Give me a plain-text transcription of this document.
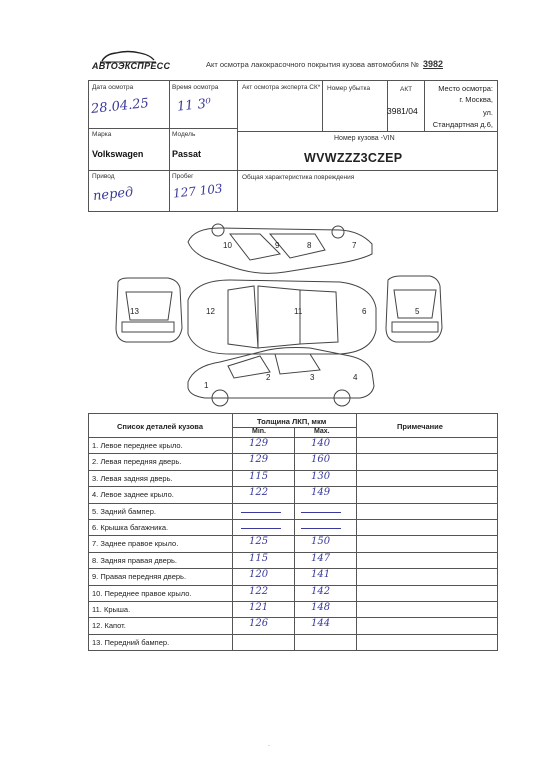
АВТОЭКСПРЕСС	Акт осмотра лакокрасочного покрытия кузова автомобиля № 3982
Дата осмотра
28.04.25
Время осмотра
11 3⁰
Акт осмотра эксперта СК* Номер убытка	АКТ
3981/04
Место осмотра:
г. Москва,
ул.
Стандартная д.6,
Марка
Volkswagen
Модель
Passat
Номер кузова -VIN
WVWZZZ3CZEP
Привод
перед
Пробег
127 103
Общая характеристика повреждения
10	9	8	7
13	12	11	6	5
1
2	3	4
Список деталей кузова
Толщина ЛКП, мкм
Min.	Max.
Примечание
1. Левое переднее крыло.	129	140
2. Левая передняя дверь.	129	160
3. Левая задняя дверь.	115	130
4. Левое заднее крыло.	122	149
5. Задний бампер.
6. Крышка багажника.
7. Заднее правое крыло.	125	150
8. Задняя правая дверь.	115	147
9. Правая передняя дверь.	120	141
10. Переднее правое крыло.	122	142
11. Крыша.	121	148
12. Капот.	126	144
13. Передний бампер.
·
